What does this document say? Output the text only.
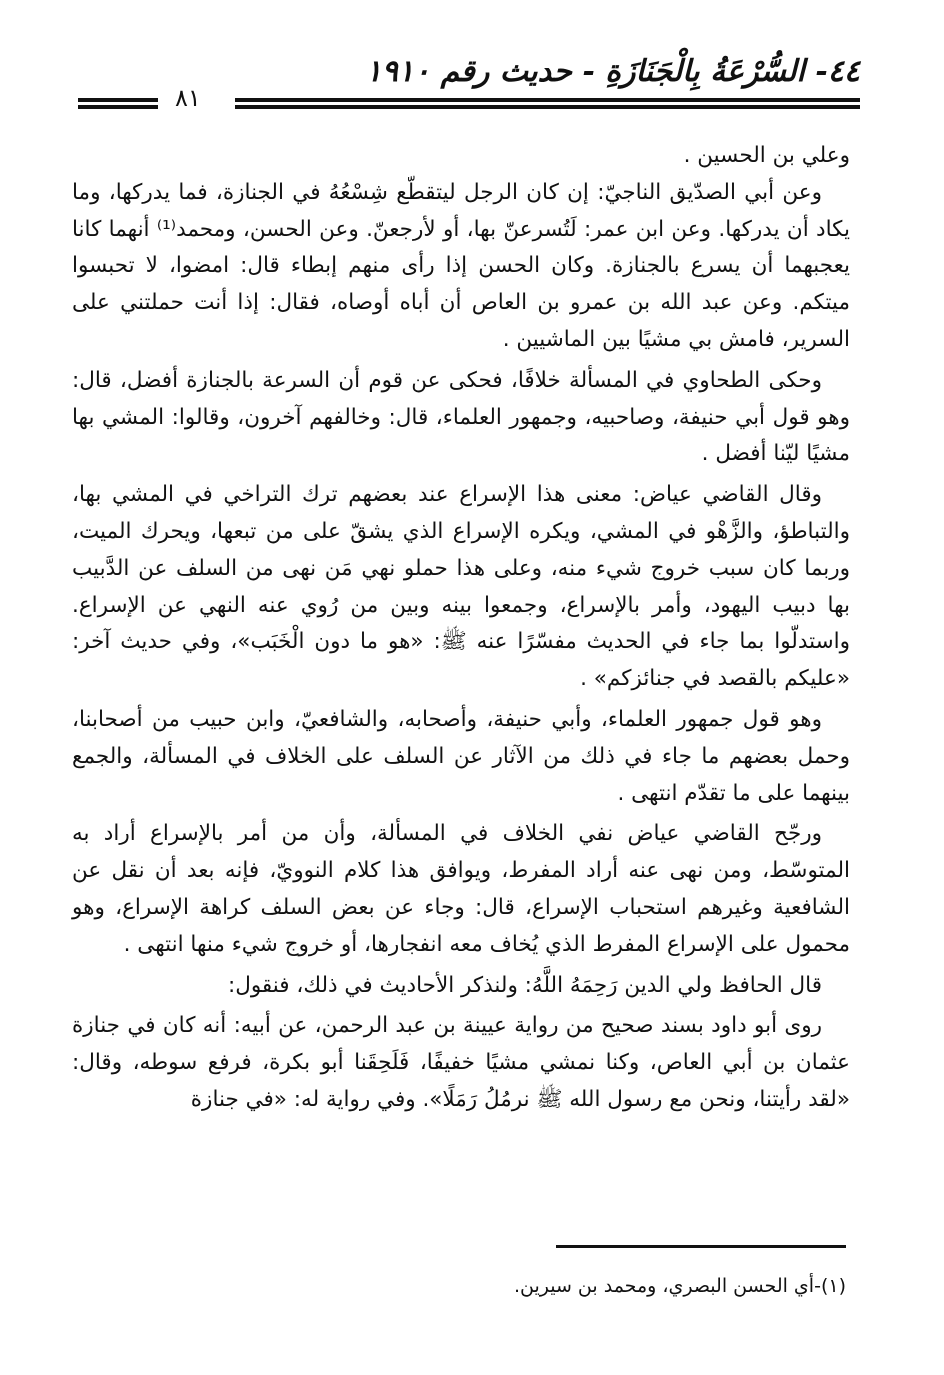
٤٤- السُّرْعَةُ بِالْجَنَازَةِ - حديث رقم ١٩١٠
٨١

وعلي بن الحسين .

وعن أبي الصدّيق الناجيّ: إن كان الرجل ليتقطّع شِسْعُهُ في الجنازة، فما يدركها، وما يكاد أن يدركها. وعن ابن عمر: لَتُسرعنّ بها، أو لأرجعنّ. وعن الحسن، ومحمد⁽¹⁾ أنهما كانا يعجبهما أن يسرع بالجنازة. وكان الحسن إذا رأى منهم إبطاء قال: امضوا، لا تحبسوا ميتكم. وعن عبد الله بن عمرو بن العاص أن أباه أوصاه، فقال: إذا أنت حملتني على السرير، فامش بي مشيًا بين الماشيين .

وحكى الطحاوي في المسألة خلافًا، فحكى عن قوم أن السرعة بالجنازة أفضل، قال: وهو قول أبي حنيفة، وصاحبيه، وجمهور العلماء، قال: وخالفهم آخرون، وقالوا: المشي بها مشيًا ليّنا أفضل .

وقال القاضي عياض: معنى هذا الإسراع عند بعضهم ترك التراخي في المشي بها، والتباطؤ، والزَّهْو في المشي، ويكره الإسراع الذي يشقّ على من تبعها، ويحرك الميت، وربما كان سبب خروج شيء منه، وعلى هذا حملو نهي مَن نهى من السلف عن الدَّبيب بها دبيب اليهود، وأمر بالإسراع، وجمعوا بينه وبين من رُوي عنه النهي عن الإسراع. واستدلّوا بما جاء في الحديث مفسّرًا عنه ﷺ: «هو ما دون الْخَبَب»، وفي حديث آخر: «عليكم بالقصد في جنائزكم» .

وهو قول جمهور العلماء، وأبي حنيفة، وأصحابه، والشافعيّ، وابن حبيب من أصحابنا، وحمل بعضهم ما جاء في ذلك من الآثار عن السلف على الخلاف في المسألة، والجمع بينهما على ما تقدّم انتهى .

ورجّح القاضي عياض نفي الخلاف في المسألة، وأن من أمر بالإسراع أراد به المتوسّط، ومن نهى عنه أراد المفرط، ويوافق هذا كلام النوويّ، فإنه بعد أن نقل عن الشافعية وغيرهم استحباب الإسراع، قال: وجاء عن بعض السلف كراهة الإسراع، وهو محمول على الإسراع المفرط الذي يُخاف معه انفجارها، أو خروج شيء منها انتهى .

قال الحافظ ولي الدين رَحِمَهُ اللَّهُ: ولنذكر الأحاديث في ذلك، فنقول:

روى أبو داود بسند صحيح من رواية عيينة بن عبد الرحمن، عن أبيه: أنه كان في جنازة عثمان بن أبي العاص، وكنا نمشي مشيًا خفيفًا، فَلَحِقَنا أبو بكرة، فرفع سوطه، وقال: «لقد رأيتنا، ونحن مع رسول الله ﷺ نرمُلُ رَمَلًا». وفي رواية له: «في جنازة

(١)-أي الحسن البصري، ومحمد بن سيرين.
